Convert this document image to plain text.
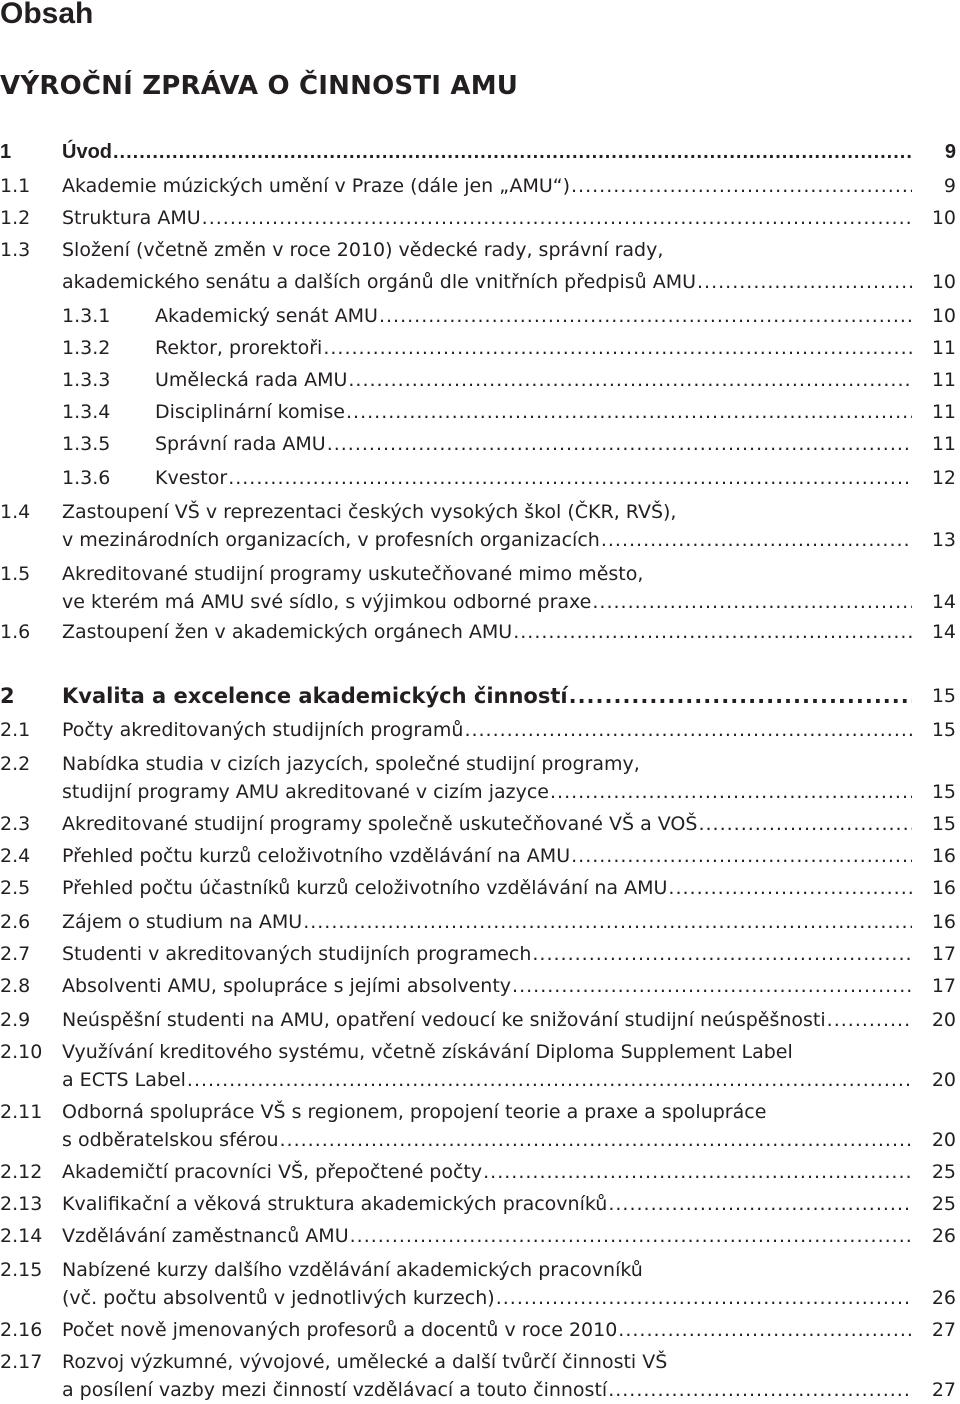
Obsah
VÝROČNÍ ZPRÁVA O ČINNOSTI AMU
1	Úvod .....	9
1.1 Akademie múzických umění v Praze (dále jen „AMU“) .....	9
1.2 Struktura AMU .....	10
1.3 Složení (včetně změn v roce 2010) vědecké rady, správní rady,
akademického senátu a dalších orgánů dle vnitřních předpisů AMU .....	10
1.3.1 Akademický senát AMU .....	10
1.3.2 Rektor, prorektoři .....	11
1.3.3 Umělecká rada AMU .....	11
1.3.4 Disciplinární komise .....	11
1.3.5 Správní rada AMU .....	11
1.3.6 Kvestor .....	12
1.4 Zastoupení VŠ v reprezentaci českých vysokých škol (ČKR, RVŠ),
v mezinárodních organizacích, v profesních organizacích .....	13
1.5 Akreditované studijní programy uskutečňované mimo město,
ve kterém má AMU své sídlo, s výjimkou odborné praxe .....	14
1.6 Zastoupení žen v akademických orgánech AMU .....	14
2 Kvalita a excelence akademických činností .....	15
2.1 Počty akreditovaných studijních programů .....	15
2.2 Nabídka studia v cizích jazycích, společné studijní programy,
studijní programy AMU akreditované v cizím jazyce .....	15
2.3 Akreditované studijní programy společně uskutečňované VŠ a VOŠ .....	15
2.4 Přehled počtu kurzů celoživotního vzdělávání na AMU .....	16
2.5 Přehled počtu účastníků kurzů celoživotního vzdělávání na AMU .....	16
2.6 Zájem o studium na AMU .....	16
2.7 Studenti v akreditovaných studijních programech .....	17
2.8 Absolventi AMU, spolupráce s jejími absolventy .....	17
2.9 Neúspěšní studenti na AMU, opatření vedoucí ke snižování studijní neúspěšnosti .....	20
2.10 Využívání kreditového systému, včetně získávání Diploma Supplement Label
a ECTS Label .....	20
2.11 Odborná spolupráce VŠ s regionem, propojení teorie a praxe a spolupráce
s odběratelskou sférou .....	20
2.12 Akademičtí pracovníci VŠ, přepočtené počty .....	25
2.13 Kvalifikační a věková struktura akademických pracovníků .....	25
2.14 Vzdělávání zaměstnanců AMU .....	26
2.15 Nabízené kurzy dalšího vzdělávání akademických pracovníků
(vč. počtu absolventů v jednotlivých kurzech) .....	26
2.16 Počet nově jmenovaných profesorů a docentů v roce 2010 .....	27
2.17 Rozvoj výzkumné, vývojové, umělecké a další tvůrčí činnosti VŠ
a posílení vazby mezi činností vzdělávací a touto činností .....	27
